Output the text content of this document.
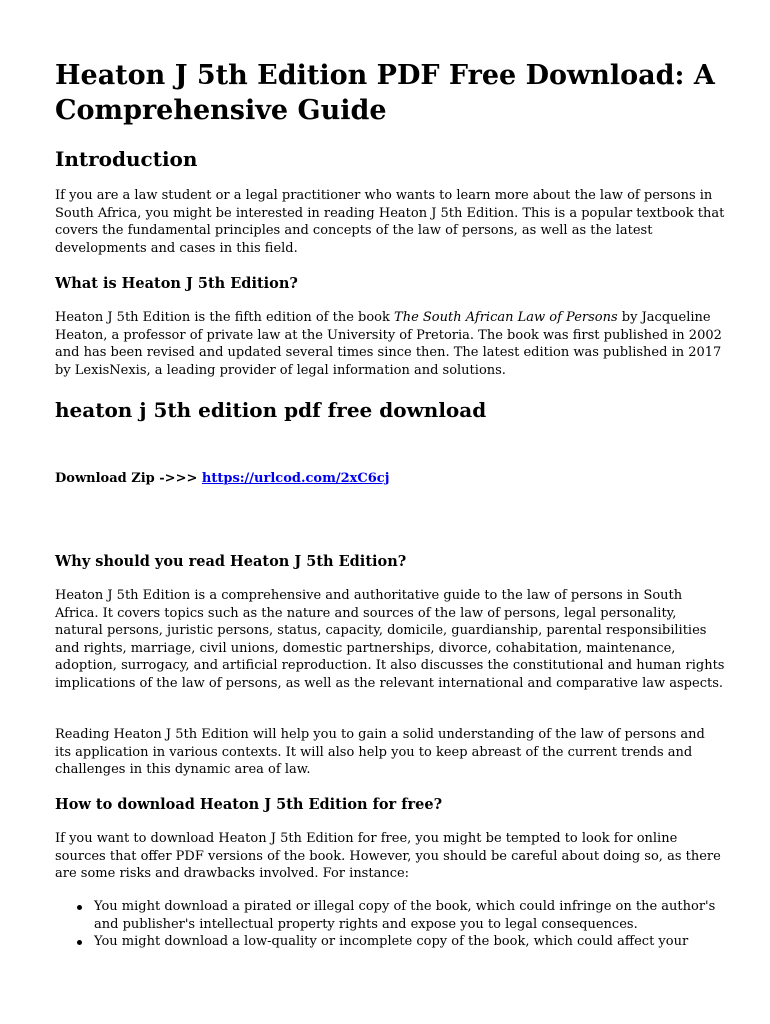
Heaton J 5th Edition PDF Free Download: A Comprehensive Guide
Introduction

If you are a law student or a legal practitioner who wants to learn more about the law of persons in South Africa, you might be interested in reading Heaton J 5th Edition. This is a popular textbook that covers the fundamental principles and concepts of the law of persons, as well as the latest developments and cases in this field.

What is Heaton J 5th Edition?

Heaton J 5th Edition is the fifth edition of the book The South African Law of Persons by Jacqueline Heaton, a professor of private law at the University of Pretoria. The book was first published in 2002 and has been revised and updated several times since then. The latest edition was published in 2017 by LexisNexis, a leading provider of legal information and solutions.

heaton j 5th edition pdf free download
Download Zip ->>> https://urlcod.com/2xC6cj
Why should you read Heaton J 5th Edition?

Heaton J 5th Edition is a comprehensive and authoritative guide to the law of persons in South Africa. It covers topics such as the nature and sources of the law of persons, legal personality, natural persons, juristic persons, status, capacity, domicile, guardianship, parental responsibilities and rights, marriage, civil unions, domestic partnerships, divorce, cohabitation, maintenance, adoption, surrogacy, and artificial reproduction. It also discusses the constitutional and human rights implications of the law of persons, as well as the relevant international and comparative law aspects.

Reading Heaton J 5th Edition will help you to gain a solid understanding of the law of persons and its application in various contexts. It will also help you to keep abreast of the current trends and challenges in this dynamic area of law.

How to download Heaton J 5th Edition for free?

If you want to download Heaton J 5th Edition for free, you might be tempted to look for online sources that offer PDF versions of the book. However, you should be careful about doing so, as there are some risks and drawbacks involved. For instance:

You might download a pirated or illegal copy of the book, which could infringe on the author's and publisher's intellectual property rights and expose you to legal consequences.
You might download a low-quality or incomplete copy of the book, which could affect your
